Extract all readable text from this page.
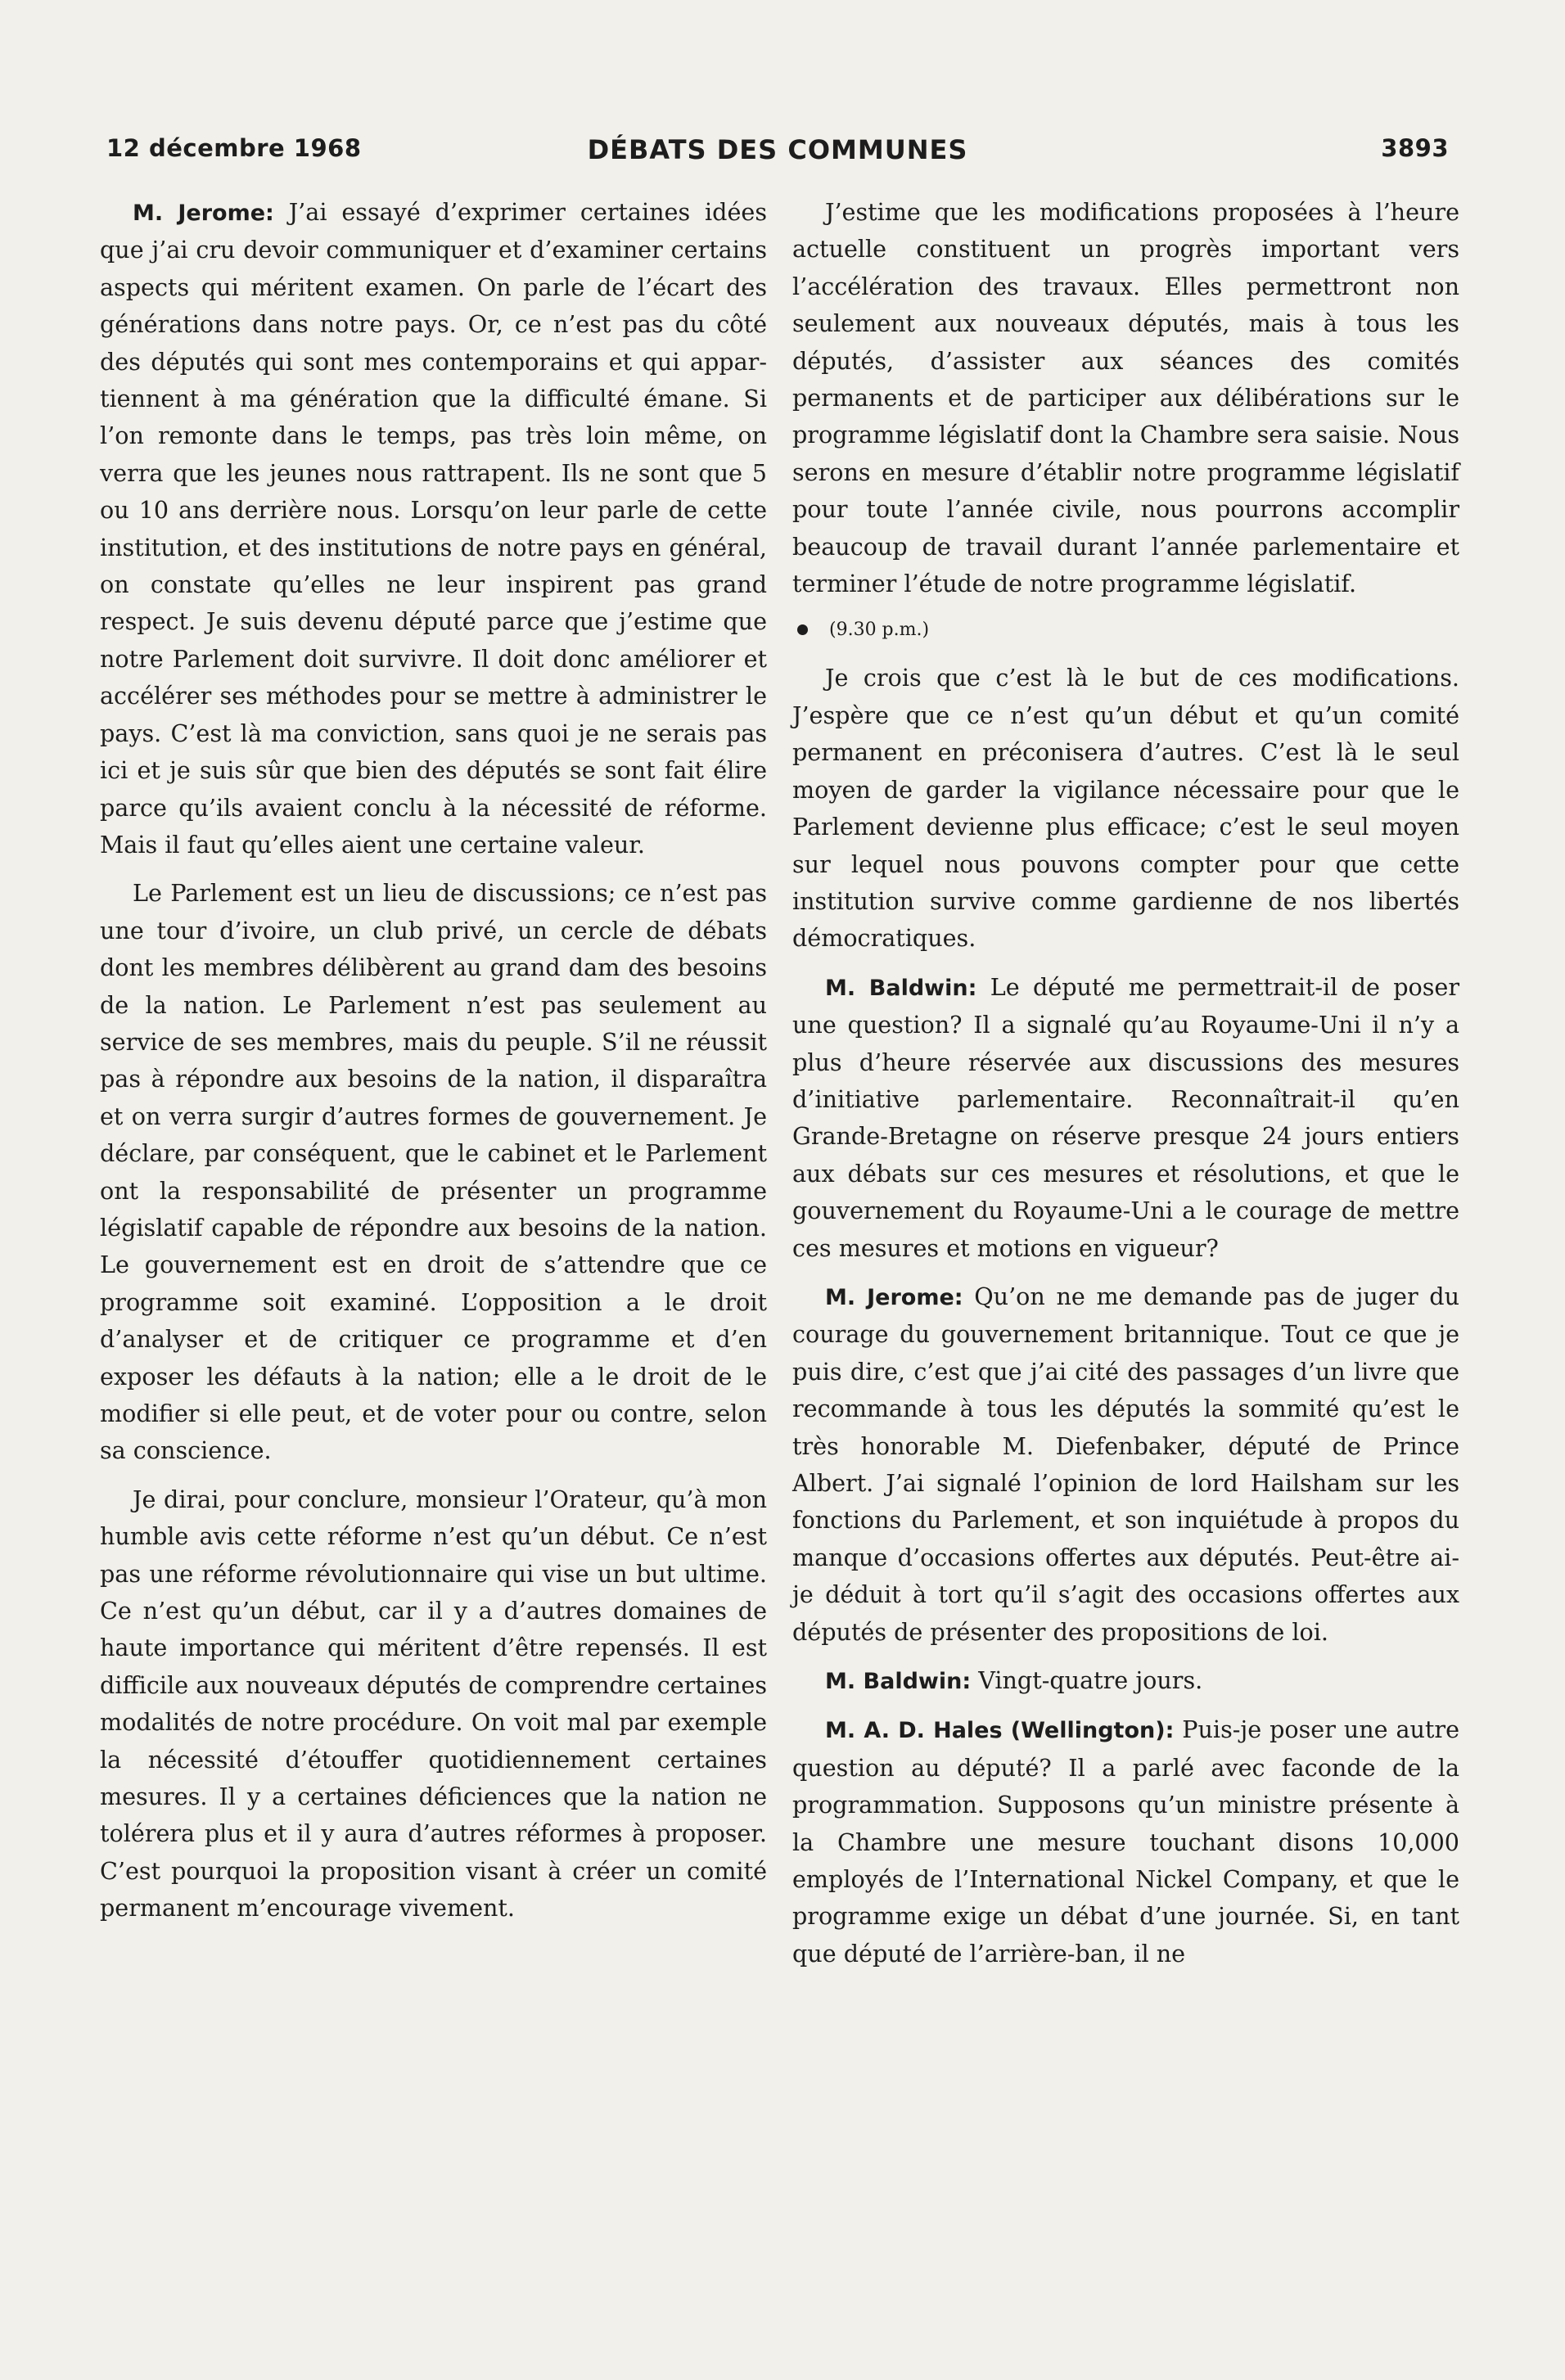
12 décembre 1968	DÉBATS DES COMMUNES	3893

M. Jerome: J’ai essayé d’exprimer certaines idées que j’ai cru devoir communiquer et d’examiner certains aspects qui méritent examen. On parle de l’écart des générations dans notre pays. Or, ce n’est pas du côté des députés qui sont mes contemporains et qui appartiennent à ma génération que la difficulté émane. Si l’on remonte dans le temps, pas très loin même, on verra que les jeunes nous rattrapent. Ils ne sont que 5 ou 10 ans derrière nous. Lorsqu’on leur parle de cette institution, et des institutions de notre pays en général, on constate qu’elles ne leur inspirent pas grand respect. Je suis devenu député parce que j’estime que notre Parlement doit survivre. Il doit donc améliorer et accélérer ses méthodes pour se mettre à administrer le pays. C’est là ma conviction, sans quoi je ne serais pas ici et je suis sûr que bien des députés se sont fait élire parce qu’ils avaient conclu à la nécessité de réforme. Mais il faut qu’elles aient une certaine valeur.

Le Parlement est un lieu de discussions; ce n’est pas une tour d’ivoire, un club privé, un cercle de débats dont les membres délibèrent au grand dam des besoins de la nation. Le Parlement n’est pas seulement au service de ses membres, mais du peuple. S’il ne réussit pas à répondre aux besoins de la nation, il disparaîtra et on verra surgir d’autres formes de gouvernement. Je déclare, par conséquent, que le cabinet et le Parlement ont la responsabilité de présenter un programme législatif capable de répondre aux besoins de la nation. Le gouvernement est en droit de s’attendre que ce programme soit examiné. L’opposition a le droit d’analyser et de critiquer ce programme et d’en exposer les défauts à la nation; elle a le droit de le modifier si elle peut, et de voter pour ou contre, selon sa conscience.

Je dirai, pour conclure, monsieur l’Orateur, qu’à mon humble avis cette réforme n’est qu’un début. Ce n’est pas une réforme révolutionnaire qui vise un but ultime. Ce n’est qu’un début, car il y a d’autres domaines de haute importance qui méritent d’être repensés. Il est difficile aux nouveaux députés de comprendre certaines modalités de notre procédure. On voit mal par exemple la nécessité d’étouffer quotidiennement certaines mesures. Il y a certaines déficiences que la nation ne tolérera plus et il y aura d’autres réformes à proposer. C’est pourquoi la proposition visant à créer un comité permanent m’encourage vivement.

J’estime que les modifications proposées à l’heure actuelle constituent un progrès important vers l’accélération des travaux. Elles permettront non seulement aux nouveaux députés, mais à tous les députés, d’assister aux séances des comités permanents et de participer aux délibérations sur le programme législatif dont la Chambre sera saisie. Nous serons en mesure d’établir notre programme législatif pour toute l’année civile, nous pourrons accomplir beaucoup de travail durant l’année parlementaire et terminer l’étude de notre programme législatif.

(9.30 p.m.)

Je crois que c’est là le but de ces modifications. J’espère que ce n’est qu’un début et qu’un comité permanent en préconisera d’autres. C’est là le seul moyen de garder la vigilance nécessaire pour que le Parlement devienne plus efficace; c’est le seul moyen sur lequel nous pouvons compter pour que cette institution survive comme gardienne de nos libertés démocratiques.

M. Baldwin: Le député me permettrait-il de poser une question? Il a signalé qu’au Royaume-Uni il n’y a plus d’heure réservée aux discussions des mesures d’initiative parlementaire. Reconnaîtrait-il qu’en Grande-Bretagne on réserve presque 24 jours entiers aux débats sur ces mesures et résolutions, et que le gouvernement du Royaume-Uni a le courage de mettre ces mesures et motions en vigueur?

M. Jerome: Qu’on ne me demande pas de juger du courage du gouvernement britannique. Tout ce que je puis dire, c’est que j’ai cité des passages d’un livre que recommande à tous les députés la sommité qu’est le très honorable M. Diefenbaker, député de Prince Albert. J’ai signalé l’opinion de lord Hailsham sur les fonctions du Parlement, et son inquiétude à propos du manque d’occasions offertes aux députés. Peut-être ai-je déduit à tort qu’il s’agit des occasions offertes aux députés de présenter des propositions de loi.

M. Baldwin: Vingt-quatre jours.

M. A. D. Hales (Wellington): Puis-je poser une autre question au député? Il a parlé avec faconde de la programmation. Supposons qu’un ministre présente à la Chambre une mesure touchant disons 10,000 employés de l’International Nickel Company, et que le programme exige un débat d’une journée. Si, en tant que député de l’arrière-ban, il ne
